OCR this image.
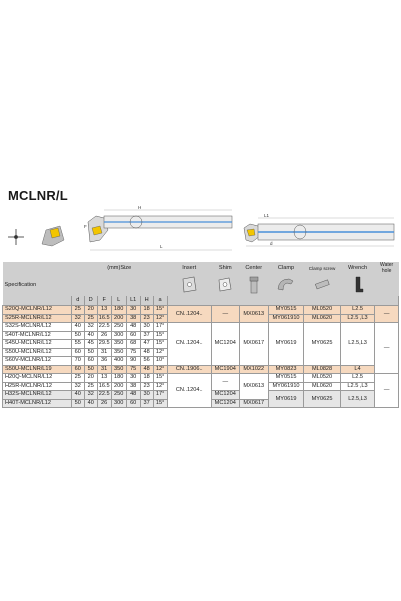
MCLNR/L
L
H
F
L1
d
	(mm)Size							Insert	Shim	Center	Clamp	Clamp screw	Wrench	Water hole
Specification		

	d	D	F	L	L1	H	a							
S20Q-MCLNR/L12	25	20	13	180	30	18	15°	CN..1204..	—	MX0613	MY0515	ML0520	L2.5	—
S25R-MCLNR/L12	32	25	16.5	200	38	23	12°				MY061910	ML0620	L2.5 ,L3	
S32S-MCLNR/L12	40	32	22.5	250	48	30	17°	CN..1204..	MC1204	MX0617	MY0619	MY0625	L2.5,L3	—
S40T-MCLNR/L12	50	40	26	300	60	37	15°							
S45U-MCLNR/L12	55	45	29.5	350	68	47	15°							
S50U-MCLNR/L12	60	50	31	350	75	48	12°							
S60V-MCLNR/L12	70	60	36	400	90	56	10°							
S50U-MCLNR/L19	60	50	31	350	75	48	12°	CN..1906..	MC1904	MX1022	MY0823	ML0828	L4	
H20Q-MCLNR/L12	25	20	13	180	30	18	15°	CN..1204..	—	MX0613	MY0515	ML0520	L2.5	—
H25R-MCLNR/L12	32	25	16.5	200	38	23	12°				MY061910	ML0620	L2.5 ,L3	
H32S-MCLNR/L12	40	32	22.5	250	48	30	17°		MC1204		MY0619	MY0625	L2.5,L3	
H40T-MCLNR/L12	50	40	26	300	60	37	15°		MC1204	MX0617				
